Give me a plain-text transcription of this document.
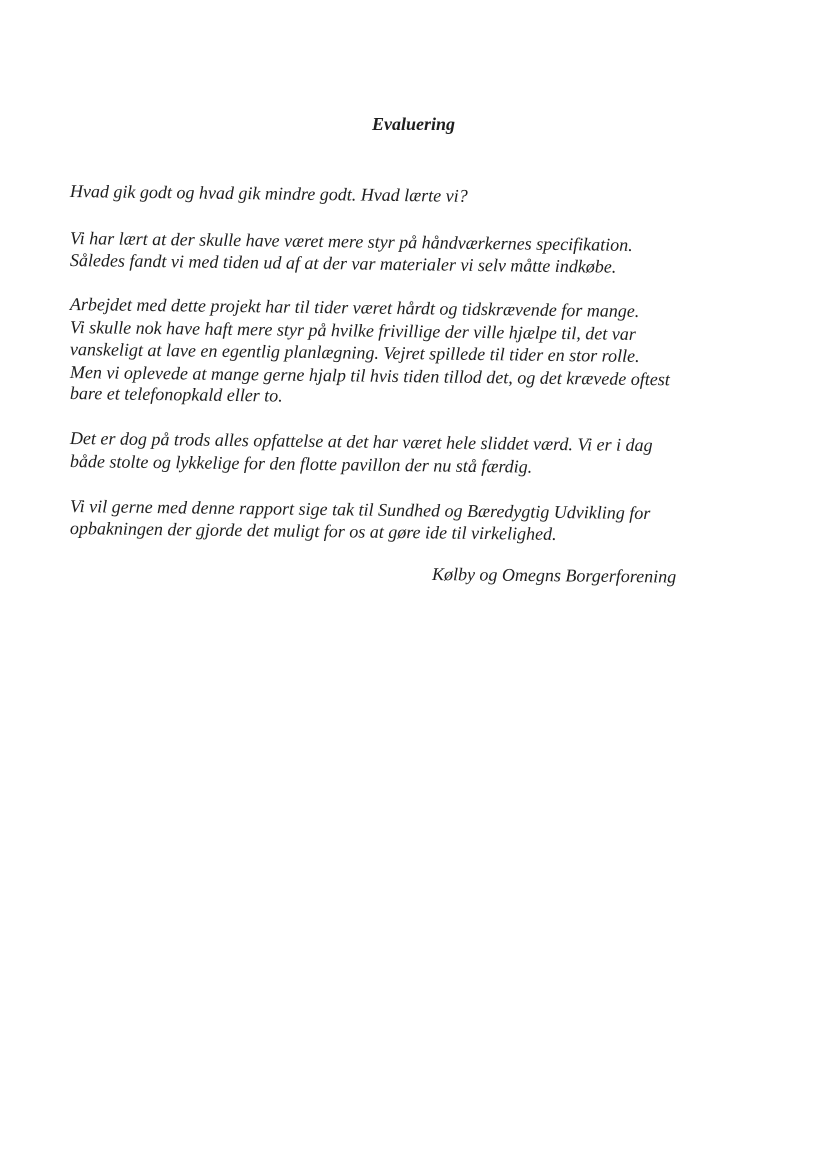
Evaluering

Hvad gik godt og hvad gik mindre godt. Hvad lærte vi?

Vi har lært at der skulle have været mere styr på håndværkernes specifikation.

Således fandt vi med tiden ud af at der var materialer vi selv måtte indkøbe.

Arbejdet med dette projekt har til tider været hårdt og tidskrævende for mange.

Vi skulle nok have haft mere styr på hvilke frivillige der ville hjælpe til, det var

vanskeligt at lave en egentlig planlægning. Vejret spillede til tider en stor rolle.

Men vi oplevede at mange gerne hjalp til hvis tiden tillod det, og det krævede oftest

bare et telefonopkald eller to.

Det er dog på trods alles opfattelse at det har været hele sliddet værd. Vi er i dag

både stolte og lykkelige for den flotte pavillon der nu stå færdig.

Vi vil gerne med denne rapport sige tak til Sundhed og Bæredygtig Udvikling for

opbakningen der gjorde det muligt for os at gøre ide til virkelighed.

Kølby og Omegns Borgerforening
